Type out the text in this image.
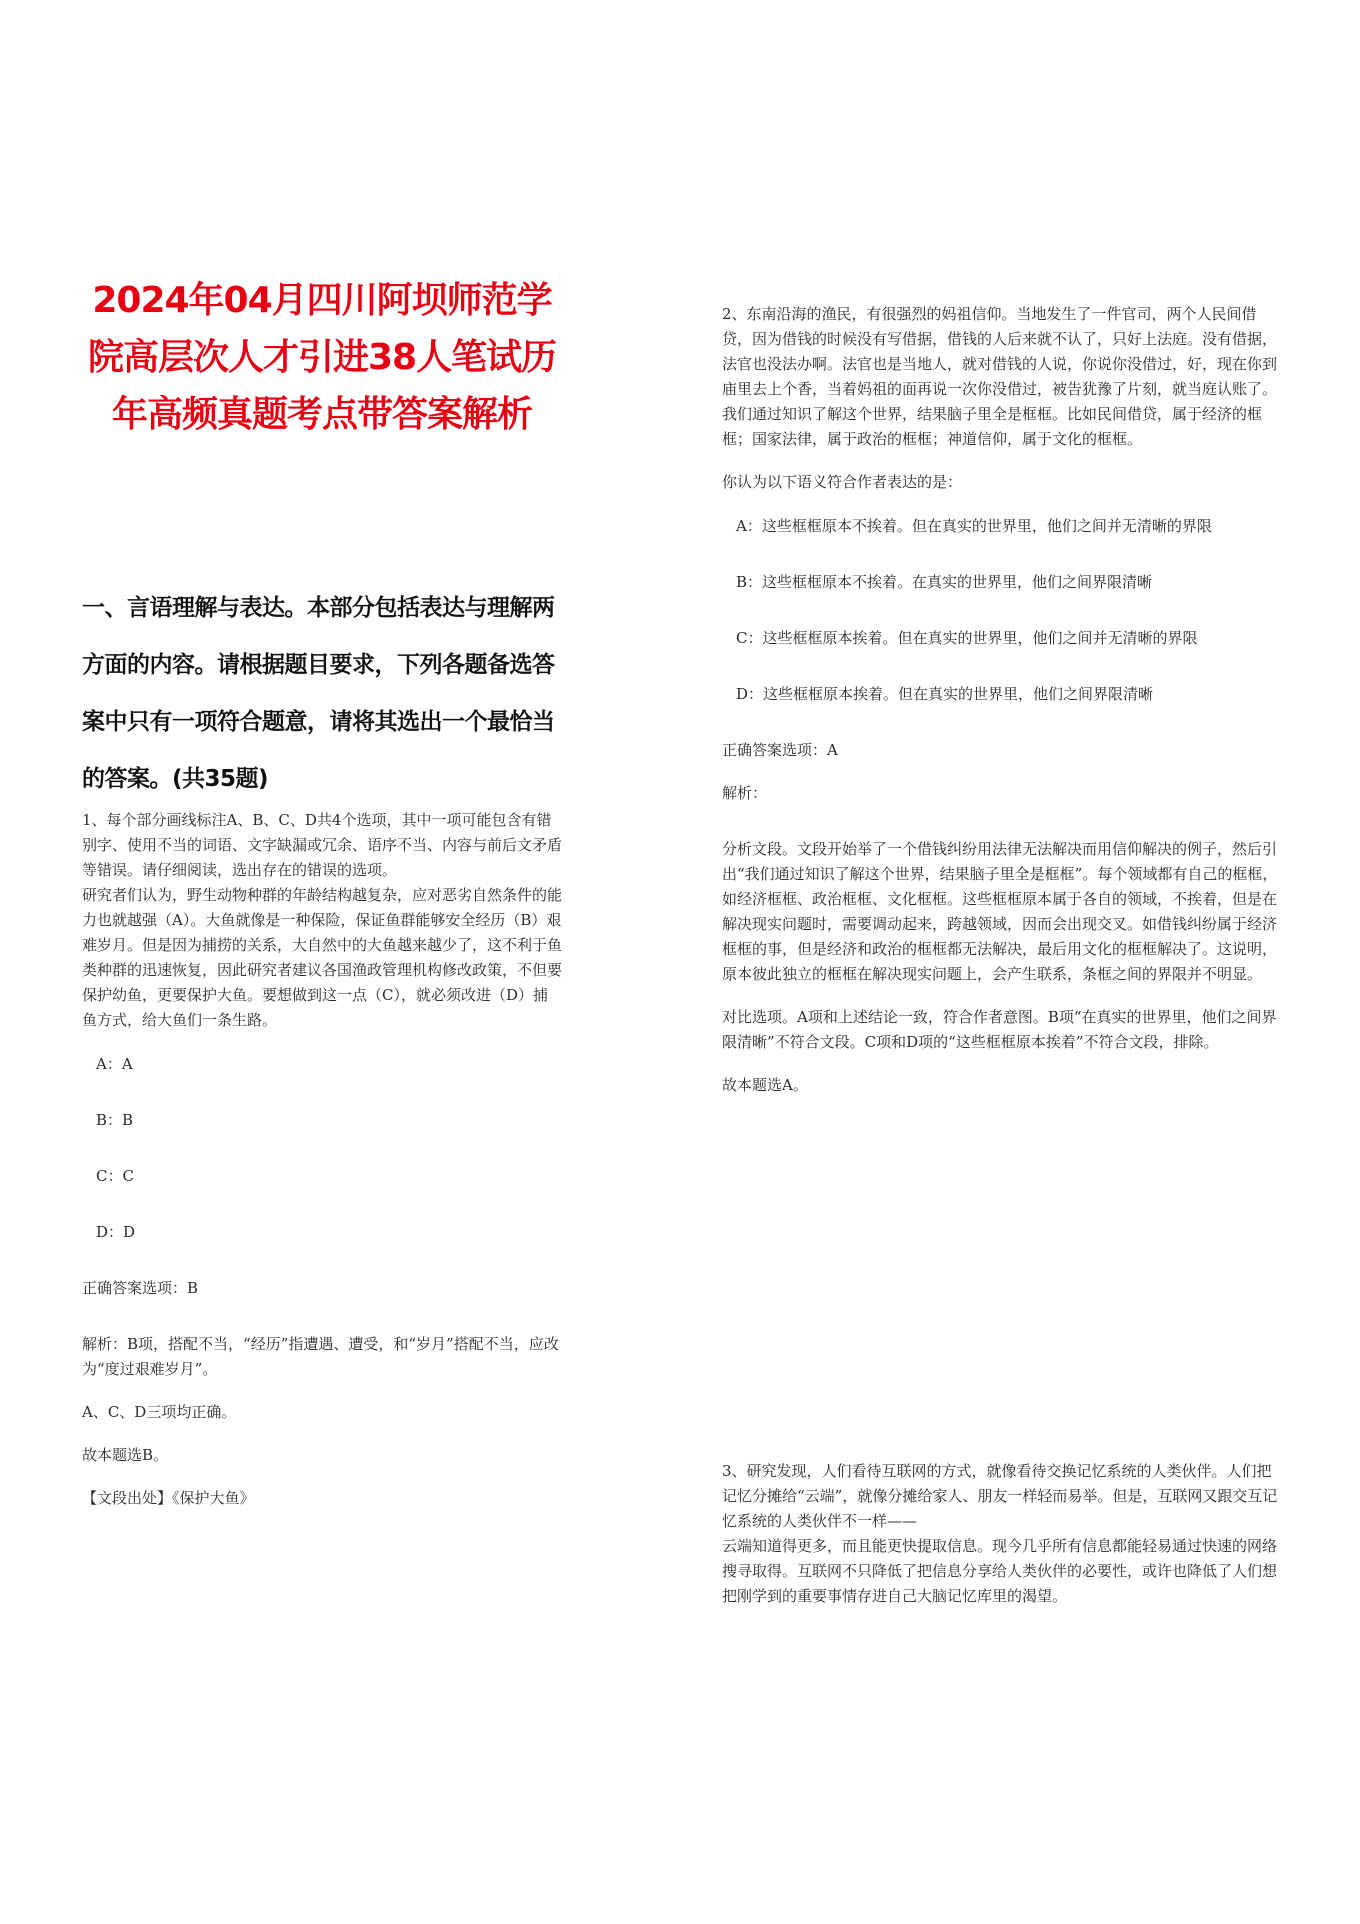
2024年04月四川阿坝师范学院高层次人才引进38人笔试历年高频真题考点带答案解析
一、言语理解与表达。本部分包括表达与理解两方面的内容。请根据题目要求，下列各题备选答案中只有一项符合题意，请将其选出一个最恰当的答案。(共35题)

1、每个部分画线标注A、B、C、D共4个选项，其中一项可能包含有错别字、使用不当的词语、文字缺漏或冗余、语序不当、内容与前后文矛盾等错误。请仔细阅读，选出存在的错误的选项。

研究者们认为，野生动物种群的年龄结构越复杂，应对恶劣自然条件的能力也就越强（A）。大鱼就像是一种保险，保证鱼群能够安全经历（B）艰难岁月。但是因为捕捞的关系，大自然中的大鱼越来越少了，这不利于鱼类种群的迅速恢复，因此研究者建议各国渔政管理机构修改政策，不但要保护幼鱼，更要保护大鱼。要想做到这一点（C），就必须改进（D）捕鱼方式，给大鱼们一条生路。

A：A

B：B

C：C

D：D

正确答案选项：B

解析：B项，搭配不当，“经历”指遭遇、遭受，和“岁月”搭配不当，应改为“度过艰难岁月”。

A、C、D三项均正确。

故本题选B。

【文段出处】《保护大鱼》

2、东南沿海的渔民，有很强烈的妈祖信仰。当地发生了一件官司，两个人民间借贷，因为借钱的时候没有写借据，借钱的人后来就不认了，只好上法庭。没有借据，法官也没法办啊。法官也是当地人，就对借钱的人说，你说你没借过，好，现在你到庙里去上个香，当着妈祖的面再说一次你没借过，被告犹豫了片刻，就当庭认账了。我们通过知识了解这个世界，结果脑子里全是框框。比如民间借贷，属于经济的框框；国家法律，属于政治的框框；神道信仰，属于文化的框框。

你认为以下语义符合作者表达的是：

A：这些框框原本不挨着。但在真实的世界里，他们之间并无清晰的界限

B：这些框框原本不挨着。在真实的世界里，他们之间界限清晰

C：这些框框原本挨着。但在真实的世界里，他们之间并无清晰的界限

D：这些框框原本挨着。但在真实的世界里，他们之间界限清晰

正确答案选项：A

解析：

分析文段。文段开始举了一个借钱纠纷用法律无法解决而用信仰解决的例子，然后引出“我们通过知识了解这个世界，结果脑子里全是框框”。每个领域都有自己的框框，如经济框框、政治框框、文化框框。这些框框原本属于各自的领域，不挨着，但是在解决现实问题时，需要调动起来，跨越领域，因而会出现交叉。如借钱纠纷属于经济框框的事，但是经济和政治的框框都无法解决，最后用文化的框框解决了。这说明，原本彼此独立的框框在解决现实问题上，会产生联系，条框之间的界限并不明显。

对比选项。A项和上述结论一致，符合作者意图。B项“在真实的世界里，他们之间界限清晰”不符合文段。C项和D项的“这些框框原本挨着”不符合文段，排除。

故本题选A。

3、研究发现，人们看待互联网的方式，就像看待交换记忆系统的人类伙伴。人们把记忆分摊给“云端”，就像分摊给家人、朋友一样轻而易举。但是，互联网又跟交互记忆系统的人类伙伴不一样——

云端知道得更多，而且能更快提取信息。现今几乎所有信息都能轻易通过快速的网络搜寻取得。互联网不只降低了把信息分享给人类伙伴的必要性，或许也降低了人们想把刚学到的重要事情存进自己大脑记忆库里的渴望。
